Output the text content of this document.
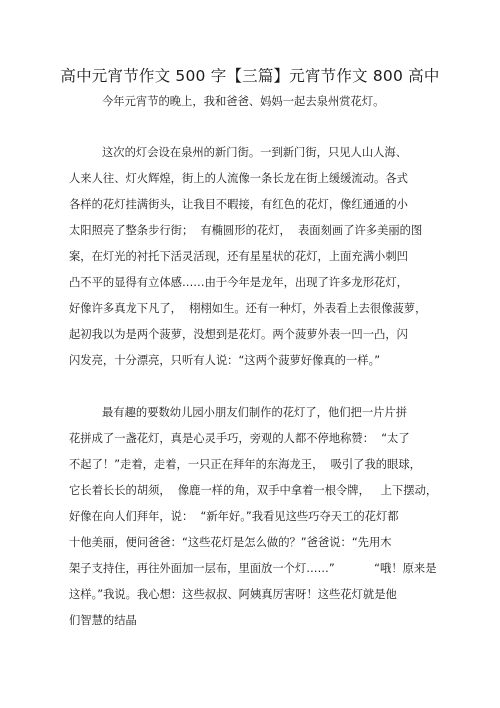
高中元宵节作文 500 字【三篇】元宵节作文 800 高中
今年元宵节的晚上，我和爸爸、妈妈一起去泉州赏花灯。
这次的灯会设在泉州的新门街。一到新门街，只见人山人海、
人来人往、灯火辉煌，街上的人流像一条长龙在街上缓缓流动。各式
各样的花灯挂满街头，让我目不暇接，有红色的花灯，像红通通的小
太阳照亮了整条步行街；  有椭圆形的花灯，  表面刻画了许多美丽的图
案，在灯光的衬托下活灵活现，还有星星状的花灯，上面充满小刺凹
凸不平的显得有立体感……由于今年是龙年，出现了许多龙形花灯，
好像许多真龙下凡了，  栩栩如生。还有一种灯，外表看上去很像菠萝，
起初我以为是两个菠萝，没想到是花灯。两个菠萝外表一凹一凸，闪
闪发亮，十分漂亮，只听有人说：“这两个菠萝好像真的一样。”
最有趣的要数幼儿园小朋友们制作的花灯了，他们把一片片拼
花拼成了一盏花灯，真是心灵手巧，旁观的人都不停地称赞：  “太了
不起了！”走着，走着，一只正在拜年的东海龙王，  吸引了我的眼球，
它长着长长的胡须，  像鹿一样的角，双手中拿着一根令牌，   上下摆动，
好像在向人们拜年，说：  “新年好。”我看见这些巧夺天工的花灯都
十他美丽，便问爸爸：“这些花灯是怎么做的？”爸爸说：“先用木
架子支持住，再往外面加一层布，里面放一个灯……”           “哦！原来是
这样。”我说。我心想：这些叔叔、阿姨真厉害呀！这些花灯就是他
们智慧的结晶
